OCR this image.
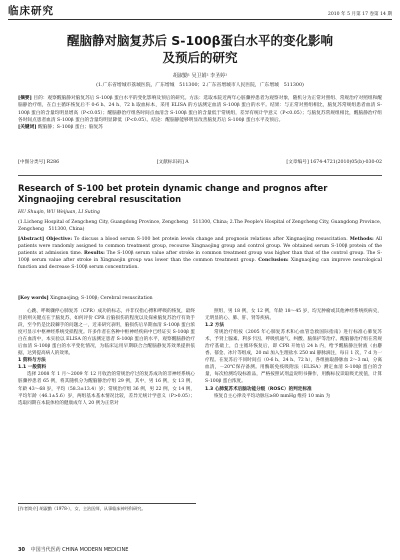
临床研究	2010 年 5 月第 17 卷第 14 期
醒脑静对脑复苏后 S-100β蛋白水平的变化影响
及预后的研究
胡淑勤¹ 吴卫娟² 李圣婷¹
(1.广东省增城市荔城医院，广东增城　511300；2.广东省增城市人民医院，广东增城　511300)

[摘要] 目的：观察醒脑静对脑复苏后 S-100β 蛋白水平的变化影响及预后的研究。方法：选取本院近两年心脏骤停患者为观察对象，随机分为正常对照组、常规治疗对照组和醒脑静治疗组，在自主循环恢复后不 0-6 h、24 h、72 h 取血标本，采用 ELISA 的方法测定血清 S-100β 蛋白的水平。结果：与正常对照组相比，脑复苏常规组患者血清 S-100β 蛋白的含量均明显增高（P<0.05）；醒脑静治疗组各时间点血清含 S-100β 蛋白的含量低于常规组，差异有统计学意义（P<0.05）；与脑复苏常规组相比，醒脑静治疗组各时间点患者血清 S-100β 蛋白的含量均明显降低（P<0.05）。结论：醒脑静能够明显改善脑复苏后 S-100β 蛋白水平及预后。

[关键词] 醒脑静；S-100β 蛋白；脑复苏

[中图分类号] R286	[文献标识码] A	[文章编号] 1674-4721(2010)05(b)-030-02
Research of S-100 bet protein dynamic change and prognos after Xingnaojing cerebral resuscitation
HU Shuqin, WU Weijuan, LI Suting
(1.Licheng Hospital of Zengcheng City, Guangdong Province, Zengcheng　511300, China; 2.The People's Hospital of Zengcheng City, Guangdong Province, Zengcheng　511300, China)
[Abstract] Objective: To discuss a blood serum S-100 bet protein levels change and prognosis relations after Xingnaojing resuscitation. Methods: All patients were randomly assigned to common treatment group, recourse Xingnaojing group and control group. We obtained serum S-100β protein of the patients at admission time. Results: The S-100β serum value after stroke in common treatment group was higher than that of the control group. The S-100β serum value after stroke in Xingnaojin group was lower than the common treatment group. Conclusion: Xingnaojing can improve neurological function and decrease S-100β serum concentration.
[Key words] Xingnaojing; S-100β; Cerebral resuscitation

心跳、呼吸骤停心肺复苏（CPR）成功的标志，并非仅指心搏和呼吸的恢复，最终目的则关键点在于脑复苏，如何评价 CPR 后脑损伤的程度以及探索脑复苏治疗有效手段，至今仍是比较棘手的问题之一，近来研究表明，脑损伤后早期血清 S-100β 蛋白浓度可显示中枢神经系统受损程度。许多作者在各种中枢神经疾病中已经证实 S-100β 蛋白在血清中，本实验以 ELISA 的方法测定患者 S-100β 蛋白的水平，观察醒脑静治疗后血清 S-100β 蛋白的水平变化情况，为临床运用早期联合合醒脑静复苏效果提供依据，达到提高病人的效果。

1 资料与方法
1.1 一般资料

选择 2008 年 1 月～2009 年 12 月收治的常规治疗过的复苏成功的非神经系统心脏骤停患者 65 例，将其随机分为醒脑静治疗组 29 例，其中，男 16 例，女 13 例，年龄 43～68 岁，平均（58.3±13.4）岁；常规治疗组 36 例，男 22 例，女 14 例，平均年龄（46.1±5.6）岁，两组基本基本情况比较，差异无统计学意义（P>0.05）；选取同期在本院体检的健康成年人 20 例为正常对

照组，男 18 例，女 12 例，年龄 18～45 岁，均无肿瘤或其他神经系统疾病史，无明显的心、肺、肝、肾等疾病。

1.2 方法

常规治疗组按《2005 年心肺复苏术和心血管急救国际指南》进行标准心肺复苏术，予肾上腺素、利多卡因、呼吸机通气、纠酸、脑保护等治疗。醒脑静治疗组在常规治疗基础上，自主循环恢复后，即 CPR 开始后 24 h 内，给予醒脑静注射液（由麝香、郁金、冰片等组成，20 ml 加入生理盐水 250 ml 静脉滴注，每日 1 次，7 d 为一疗程。在复苏后不同时间点（0-6 h、24 h、72 h），各组抽取静脉血 2～3 ml，分离血清，－20℃保存备测。用酶联免疫吸附法（ELISA）测定血清 S-100β 蛋白的含量，每次检测均设标准品，严格按照试剂盒说明书操作，用酶标仪读取吸光度值，计算 S-100β 蛋白浓度。

1.3 心肺复苏术后脑功能分级（ROSC）的判定标准

恢复自主心律及平均动脉压≥80 mmHg 维持 10 min 为

[作者简介] 胡淑勤（1978-），女，主治医师，从事临床神经科研究。
30 中国当代医药 CHINA MODERN MEDICINE
